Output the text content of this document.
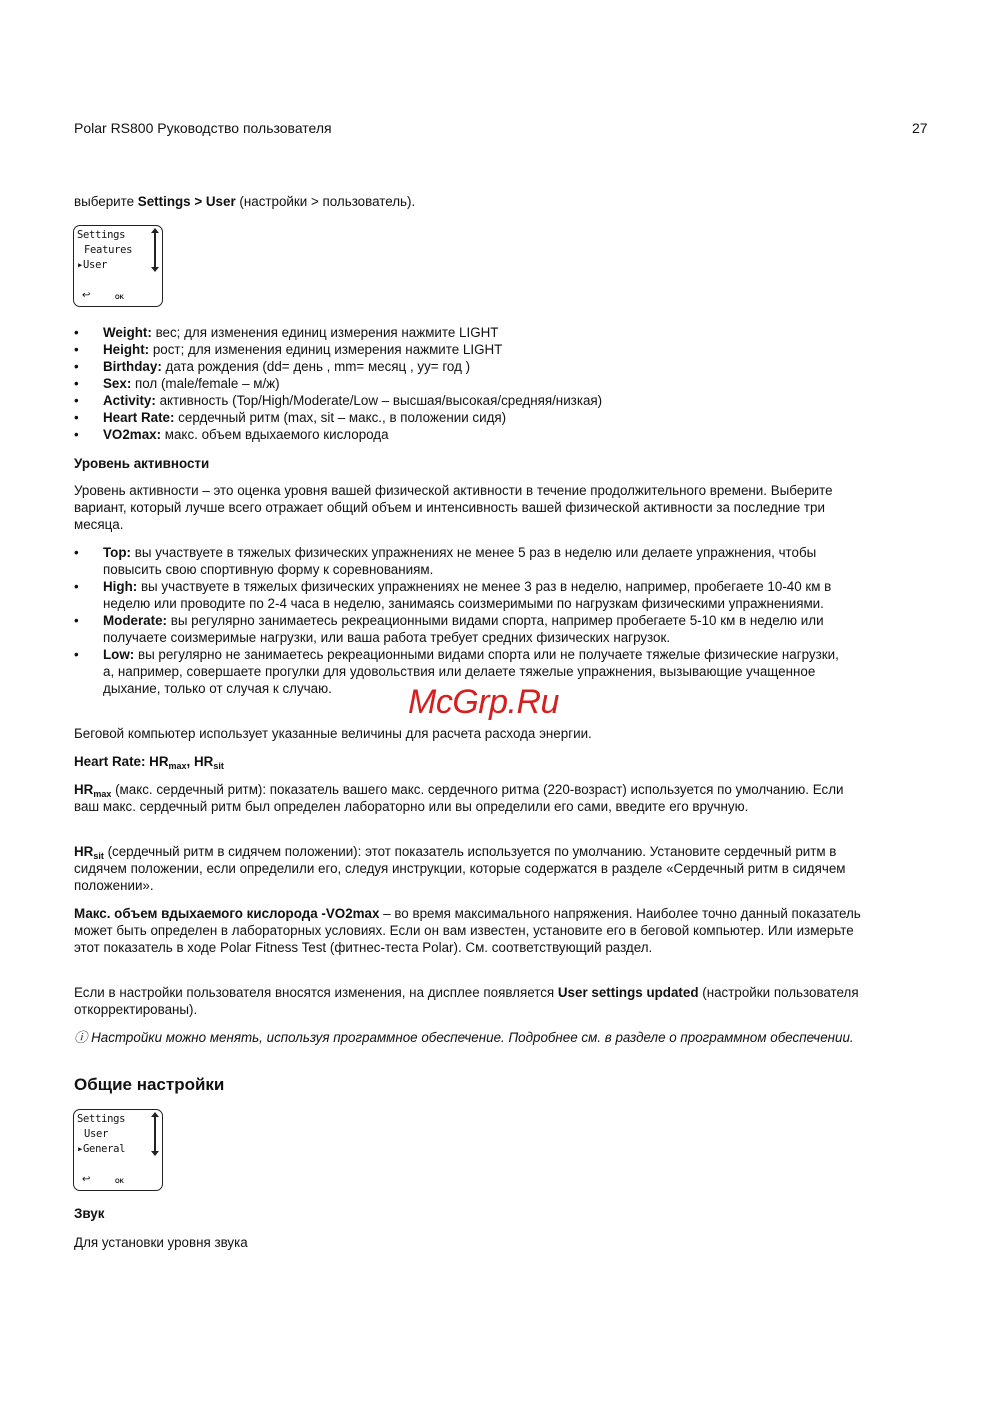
Polar RS800 Руководство пользователя	27

выберите Settings > User (настройки > пользователь).

Settings
Features
▸User
↩	OK
• Weight: вес; для изменения единиц измерения нажмите LIGHT
• Height: рост; для изменения единиц измерения нажмите LIGHT
• Birthday: дата рождения (dd= день , mm= месяц , yy= год )
• Sex: пол (male/female – м/ж)
• Activity: активность (Top/High/Moderate/Low – высшая/высокая/средняя/низкая)
• Heart Rate: сердечный ритм (max, sit – макс., в положении сидя)
• VO2max: макс. объем вдыхаемого кислорода

Уровень активности

Уровень активности – это оценка уровня вашей физической активности в течение продолжительного времени. Выберите вариант, который лучше всего отражает общий объем и интенсивность вашей физической активности за последние три месяца.

• Top: вы участвуете в тяжелых физических упражнениях не менее 5 раз в неделю или делаете упражнения, чтобы повысить свою спортивную форму к соревнованиям.
• High: вы участвуете в тяжелых физических упражнениях не менее 3 раз в неделю, например, пробегаете 10-40 км в неделю или проводите по 2-4 часа в неделю, занимаясь соизмеримыми по нагрузкам физическими упражнениями.
• Moderate: вы регулярно занимаетесь рекреационными видами спорта, например пробегаете 5-10 км в неделю или получаете соизмеримые нагрузки, или ваша работа требует средних физических нагрузок.
• Low: вы регулярно не занимаетесь рекреационными видами спорта или не получаете тяжелые физические нагрузки, а, например, совершаете прогулки для удовольствия или делаете тяжелые упражнения, вызывающие учащенное дыхание, только от случая к случаю.

Беговой компьютер использует указанные величины для расчета расхода энергии.

Heart Rate: $HR_{max}$, $HR_{sit}$

$HR_{max}$ (макс. сердечный ритм): показатель вашего макс. сердечного ритма (220-возраст) используется по умолчанию. Если ваш макс. сердечный ритм был определен лабораторно или вы определили его сами, введите его вручную.

$HR_{sit}$ (сердечный ритм в сидячем положении): этот показатель используется по умолчанию. Установите сердечный ритм в сидячем положении, если определили его, следуя инструкции, которые содержатся в разделе «Сердечный ритм в сидячем положении».

Макс. объем вдыхаемого кислорода -VO2max – во время максимального напряжения. Наиболее точно данный показатель может быть определен в лабораторных условиях. Если он вам известен, установите его в беговой компьютер. Или измерьте этот показатель в ходе Polar Fitness Test (фитнес-теста Polar). См. соответствующий раздел.

Если в настройки пользователя вносятся изменения, на дисплее появляется User settings updated (настройки пользователя откорректированы).

ⓘ Настройки можно менять, используя программное обеспечение. Подробнее см. в разделе о программном обеспечении.

Общие настройки

Settings
User
▸General
↩	OK

Звук

Для установки уровня звука

McGrp.Ru
